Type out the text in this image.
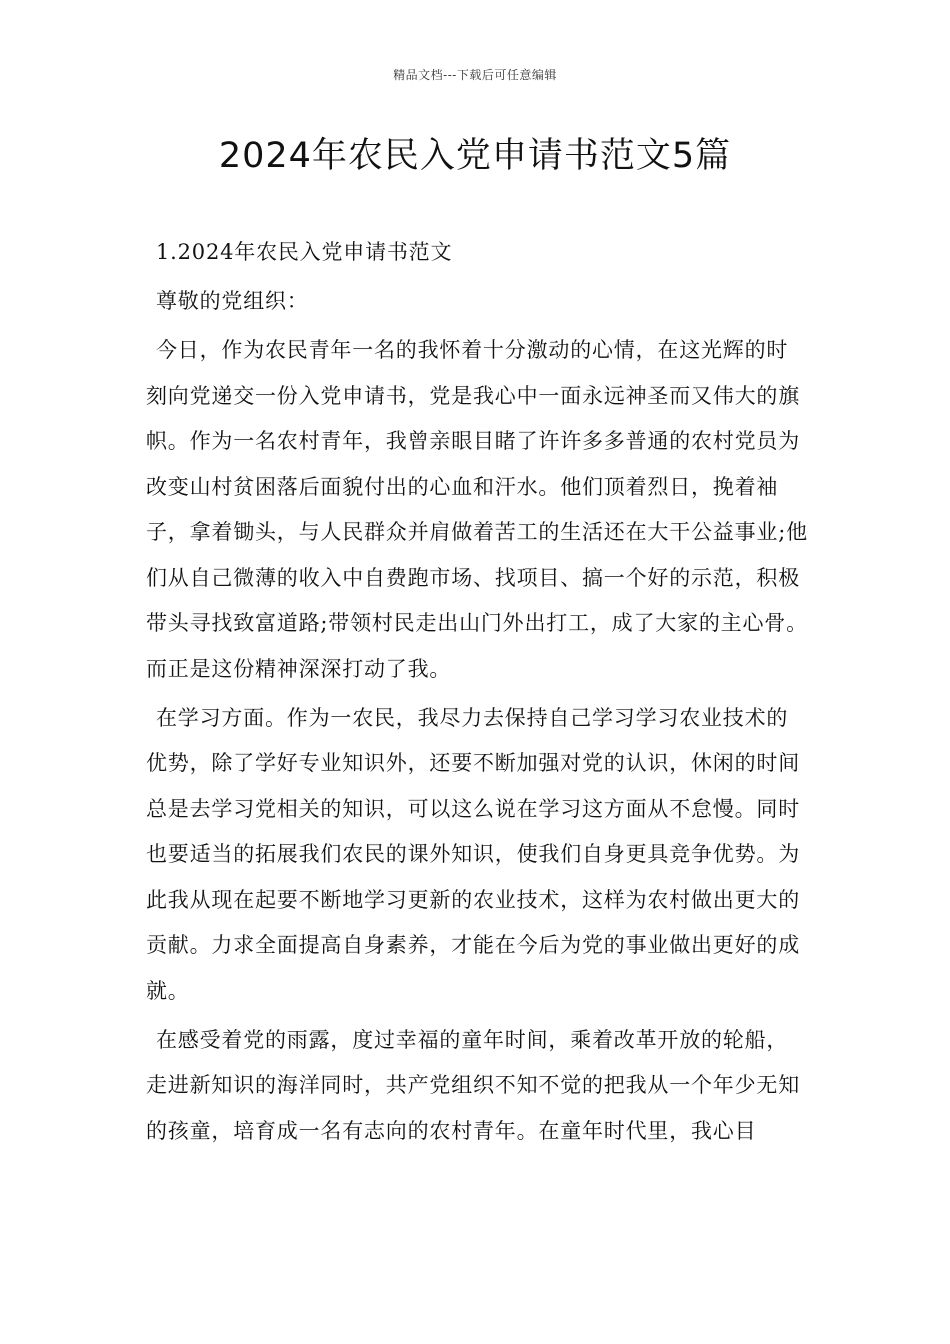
精品文档---下载后可任意编辑
2024年农民入党申请书范文5篇

1.2024年农民入党申请书范文

尊敬的党组织：

今日，作为农民青年一名的我怀着十分激动的心情，在这光辉的时刻向党递交一份入党申请书，党是我心中一面永远神圣而又伟大的旗帜。作为一名农村青年，我曾亲眼目睹了许许多多普通的农村党员为改变山村贫困落后面貌付出的心血和汗水。他们顶着烈日，挽着袖子，拿着锄头，与人民群众并肩做着苦工的生活还在大干公益事业;他们从自己微薄的收入中自费跑市场、找项目、搞一个好的示范，积极带头寻找致富道路;带领村民走出山门外出打工，成了大家的主心骨。而正是这份精神深深打动了我。

在学习方面。作为一农民，我尽力去保持自己学习学习农业技术的优势，除了学好专业知识外，还要不断加强对党的认识，休闲的时间总是去学习党相关的知识，可以这么说在学习这方面从不怠慢。同时也要适当的拓展我们农民的课外知识，使我们自身更具竞争优势。为此我从现在起要不断地学习更新的农业技术，这样为农村做出更大的贡献。力求全面提高自身素养，才能在今后为党的事业做出更好的成就。

在感受着党的雨露，度过幸福的童年时间，乘着改革开放的轮船，走进新知识的海洋同时，共产党组织不知不觉的把我从一个年少无知的孩童，培育成一名有志向的农村青年。在童年时代里，我心目
